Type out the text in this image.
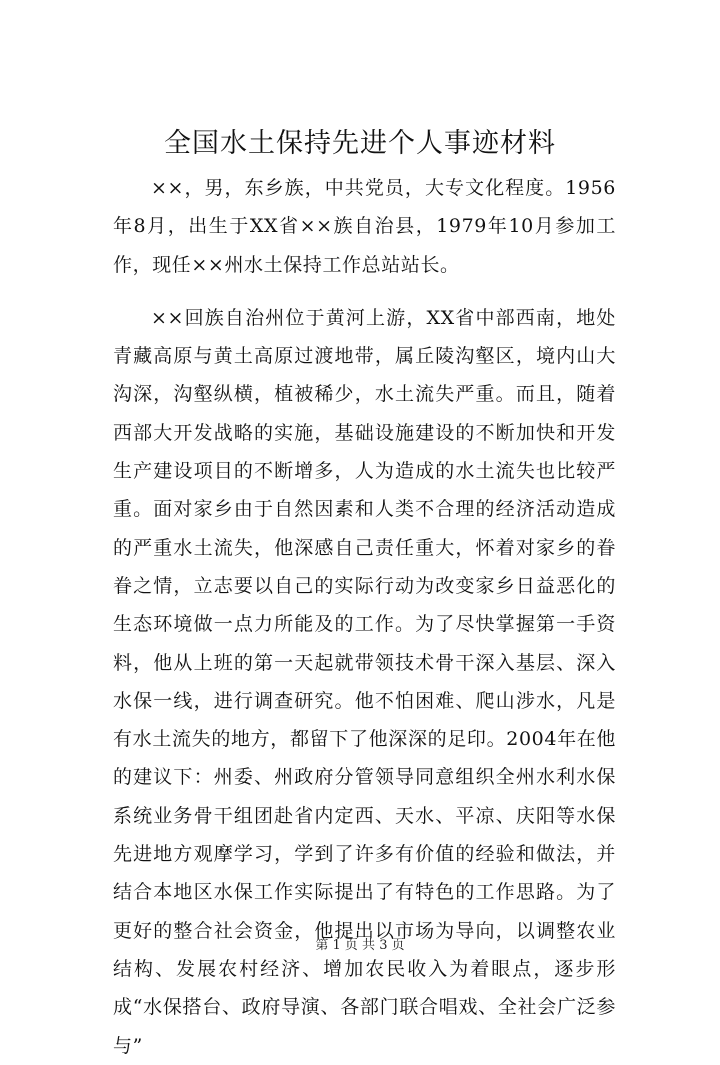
全国水土保持先进个人事迹材料

××，男，东乡族，中共党员，大专文化程度。1956年8月，出生于XX省××族自治县，1979年10月参加工作，现任××州水土保持工作总站站长。

××回族自治州位于黄河上游，XX省中部西南，地处青藏高原与黄土高原过渡地带，属丘陵沟壑区，境内山大沟深，沟壑纵横，植被稀少，水土流失严重。而且，随着西部大开发战略的实施，基础设施建设的不断加快和开发生产建设项目的不断增多，人为造成的水土流失也比较严重。面对家乡由于自然因素和人类不合理的经济活动造成的严重水土流失，他深感自己责任重大，怀着对家乡的眷眷之情，立志要以自己的实际行动为改变家乡日益恶化的生态环境做一点力所能及的工作。为了尽快掌握第一手资料，他从上班的第一天起就带领技术骨干深入基层、深入水保一线，进行调查研究。他不怕困难、爬山涉水，凡是有水土流失的地方，都留下了他深深的足印。2004年在他的建议下：州委、州政府分管领导同意组织全州水利水保系统业务骨干组团赴省内定西、天水、平凉、庆阳等水保先进地方观摩学习，学到了许多有价值的经验和做法，并结合本地区水保工作实际提出了有特色的工作思路。为了更好的整合社会资金，他提出以市场为导向，以调整农业结构、发展农村经济、增加农民收入为着眼点，逐步形成“水保搭台、政府导演、各部门联合唱戏、全社会广泛参与”

第 1 页 共 3 页
